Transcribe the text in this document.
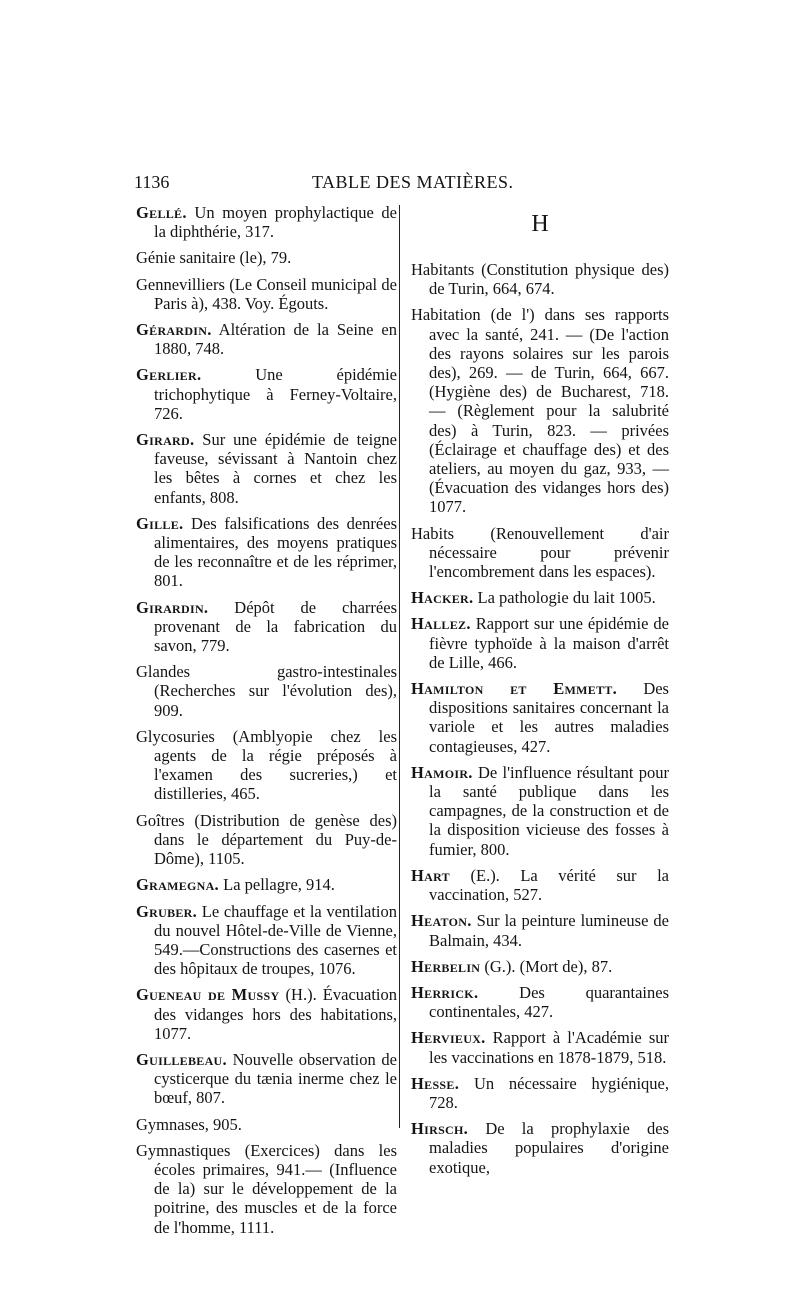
1136	TABLE DES MATIÈRES.

Gellé. Un moyen prophylactique de la diphthérie, 317.

Génie sanitaire (le), 79.

Gennevilliers (Le Conseil municipal de Paris à), 438. Voy. Égouts.

Gérardin. Altération de la Seine en 1880, 748.

Gerlier. Une épidémie trichophytique à Ferney-Voltaire, 726.

Girard. Sur une épidémie de teigne faveuse, sévissant à Nantoin chez les bêtes à cornes et chez les enfants, 808.

Gille. Des falsifications des denrées alimentaires, des moyens pratiques de les reconnaître et de les réprimer, 801.

Girardin. Dépôt de charrées provenant de la fabrication du savon, 779.

Glandes gastro-intestinales (Recherches sur l'évolution des), 909.

Glycosuries (Amblyopie chez les agents de la régie préposés à l'examen des sucreries,) et distilleries, 465.

Goîtres (Distribution de genèse des) dans le département du Puy-de-Dôme), 1105.

Gramegna. La pellagre, 914.

Gruber. Le chauffage et la ventilation du nouvel Hôtel-de-Ville de Vienne, 549.—Constructions des casernes et des hôpitaux de troupes, 1076.

Gueneau de Mussy (H.). Évacuation des vidanges hors des habitations, 1077.

Guillebeau. Nouvelle observation de cysticerque du tænia inerme chez le bœuf, 807.

Gymnases, 905.

Gymnastiques (Exercices) dans les écoles primaires, 941.— (Influence de la) sur le développement de la poitrine, des muscles et de la force de l'homme, 1111.

H

Habitants (Constitution physique des) de Turin, 664, 674.

Habitation (de l') dans ses rapports avec la santé, 241. — (De l'action des rayons solaires sur les parois des), 269. — de Turin, 664, 667. (Hygiène des) de Bucharest, 718. — (Règlement pour la salubrité des) à Turin, 823. — privées (Éclairage et chauffage des) et des ateliers, au moyen du gaz, 933, — (Évacuation des vidanges hors des) 1077.

Habits (Renouvellement d'air nécessaire pour prévenir l'encombrement dans les espaces).

Hacker. La pathologie du lait 1005.

Hallez. Rapport sur une épidémie de fièvre typhoïde à la maison d'arrêt de Lille, 466.

Hamilton et Emmett. Des dispositions sanitaires concernant la variole et les autres maladies contagieuses, 427.

Hamoir. De l'influence résultant pour la santé publique dans les campagnes, de la construction et de la disposition vicieuse des fosses à fumier, 800.

Hart (E.). La vérité sur la vaccination, 527.

Heaton. Sur la peinture lumineuse de Balmain, 434.

Herbelin (G.). (Mort de), 87.

Herrick. Des quarantaines continentales, 427.

Hervieux. Rapport à l'Académie sur les vaccinations en 1878-1879, 518.

Hesse. Un nécessaire hygiénique, 728.

Hirsch. De la prophylaxie des maladies populaires d'origine exotique,
